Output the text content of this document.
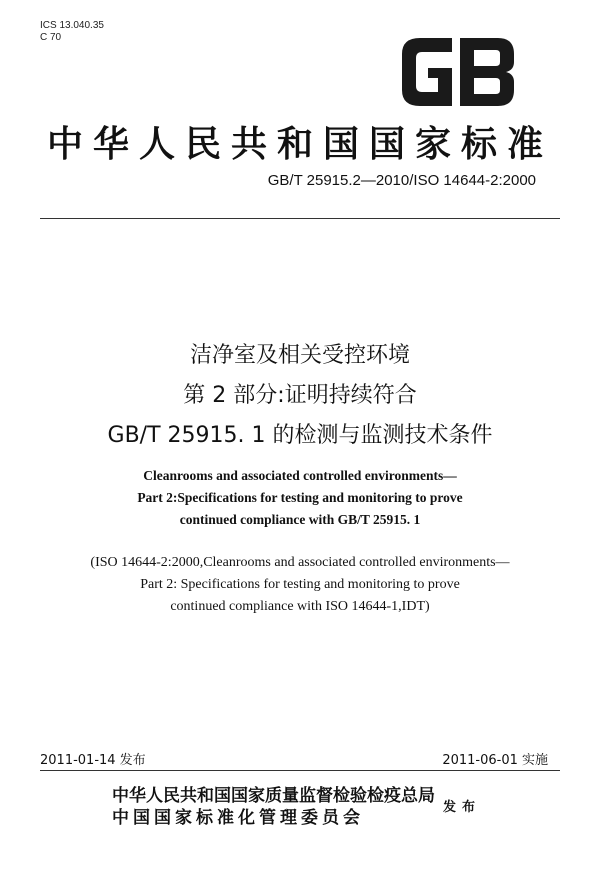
ICS 13.040.35
C 70
中华人民共和国国家标准
GB/T 25915.2—2010/ISO 14644-2:2000
洁净室及相关受控环境
第 2 部分:证明持续符合
GB/T 25915. 1 的检测与监测技术条件
Cleanrooms and associated controlled environments—
Part 2:Specifications for testing and monitoring to prove
continued compliance with GB/T 25915. 1
(ISO 14644-2:2000,Cleanrooms and associated controlled environments—
Part 2: Specifications for testing and monitoring to prove
continued compliance with ISO 14644-1,IDT)
2011-01-14 发布	2011-06-01 实施
中华人民共和国国家质量监督检验检疫总局
中国国家标准化管理委员会
发布
